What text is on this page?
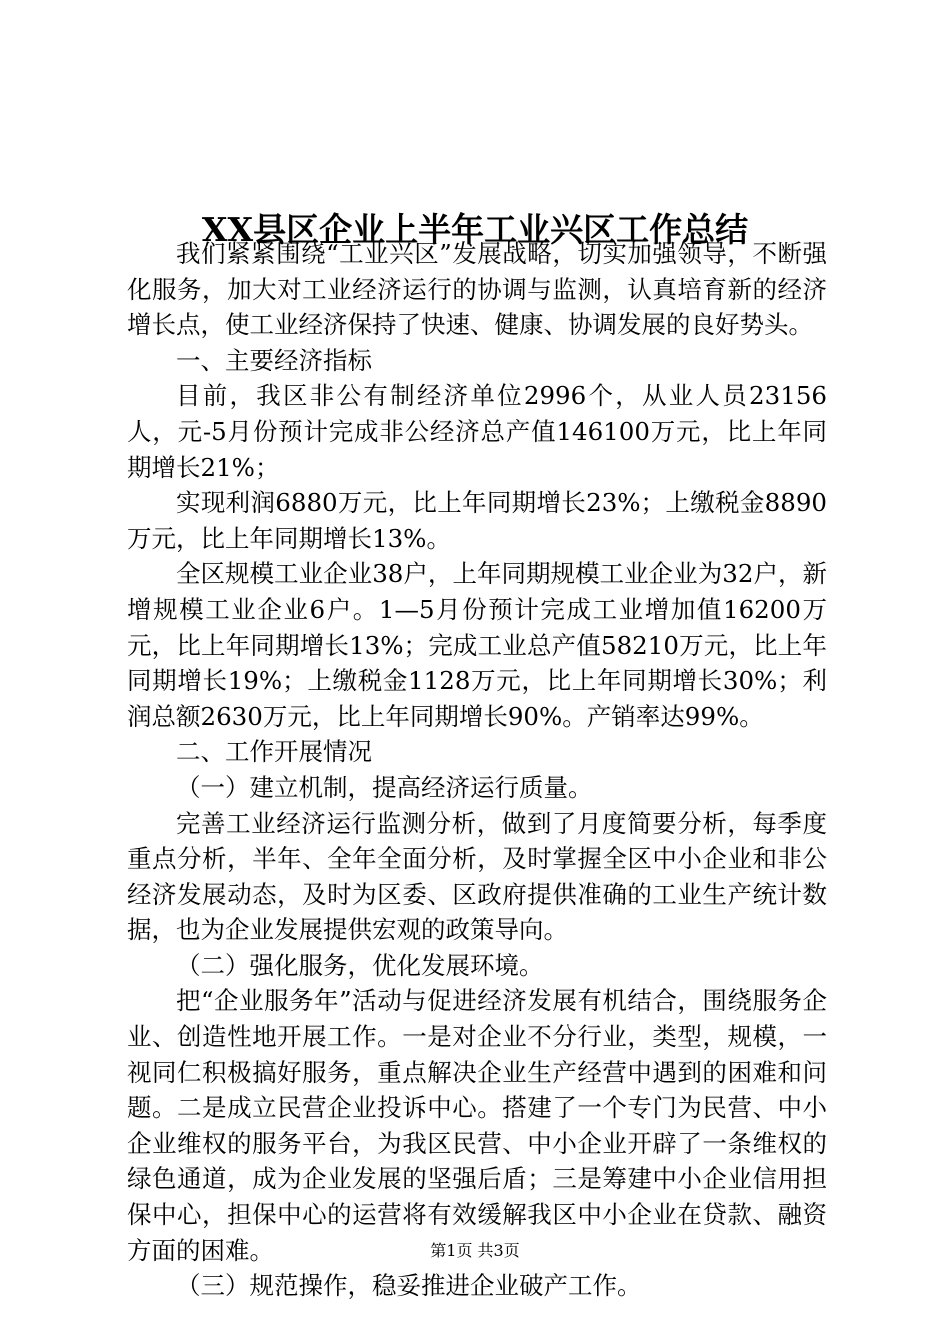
XX县区企业上半年工业兴区工作总结

我们紧紧围绕“工业兴区”发展战略，切实加强领导，不断强化服务，加大对工业经济运行的协调与监测，认真培育新的经济增长点，使工业经济保持了快速、健康、协调发展的良好势头。

一、主要经济指标

目前，我区非公有制经济单位2996个，从业人员23156人，元-5月份预计完成非公经济总产值146100万元，比上年同期增长21%；

实现利润6880万元，比上年同期增长23%；上缴税金8890万元，比上年同期增长13%。

全区规模工业企业38户，上年同期规模工业企业为32户，新增规模工业企业6户。1—5月份预计完成工业增加值16200万元，比上年同期增长13%；完成工业总产值58210万元，比上年同期增长19%；上缴税金1128万元，比上年同期增长30%；利润总额2630万元，比上年同期增长90%。产销率达99%。

二、工作开展情况

（一）建立机制，提高经济运行质量。

完善工业经济运行监测分析，做到了月度简要分析，每季度重点分析，半年、全年全面分析，及时掌握全区中小企业和非公经济发展动态，及时为区委、区政府提供准确的工业生产统计数据，也为企业发展提供宏观的政策导向。

（二）强化服务，优化发展环境。

把“企业服务年”活动与促进经济发展有机结合，围绕服务企业、创造性地开展工作。一是对企业不分行业，类型，规模，一视同仁积极搞好服务，重点解决企业生产经营中遇到的困难和问题。二是成立民营企业投诉中心。搭建了一个专门为民营、中小企业维权的服务平台，为我区民营、中小企业开辟了一条维权的绿色通道，成为企业发展的坚强后盾；三是筹建中小企业信用担保中心，担保中心的运营将有效缓解我区中小企业在贷款、融资方面的困难。

（三）规范操作，稳妥推进企业破产工作。

第1页 共3页
